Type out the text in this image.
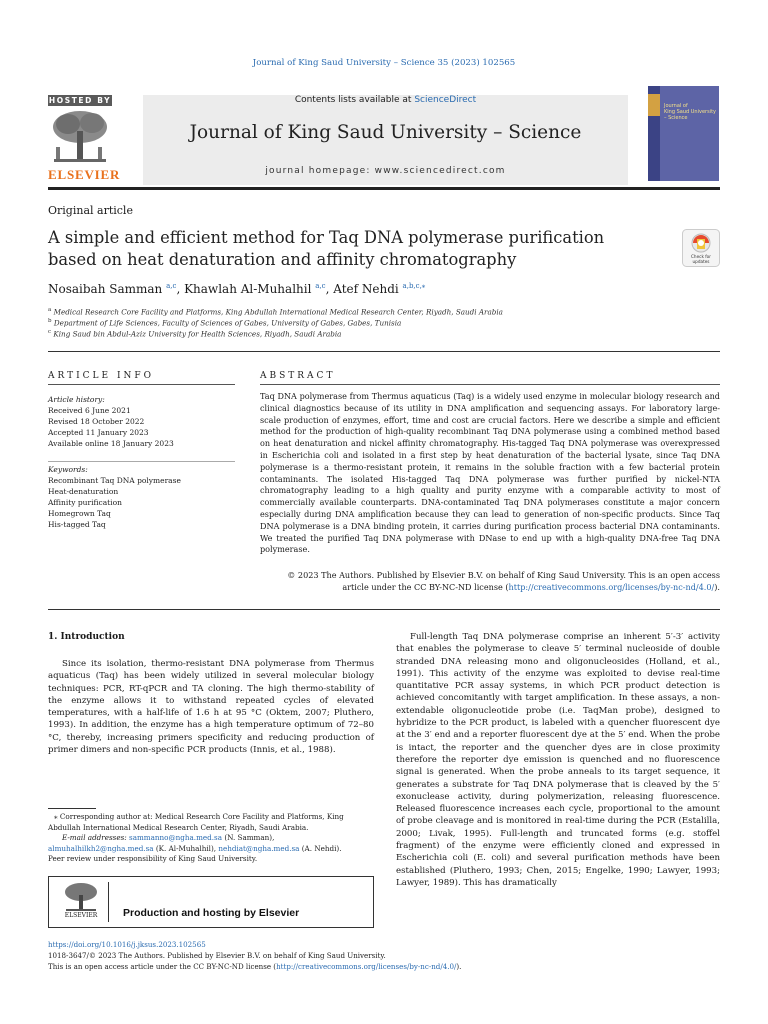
Journal of King Saud University – Science 35 (2023) 102565
HOSTED BY
ELSEVIER
Contents lists available at ScienceDirect
Journal of King Saud University – Science
journal homepage: www.sciencedirect.com
Journal of
King Saud University
– Science
Original article
A simple and efficient method for Taq DNA polymerase purification based on heat denaturation and affinity chromatography	Check for
updates
Nosaibah Samman $^{a,c}$, Khawlah Al-Muhalhil $^{a,c}$, Atef Nehdi $^{a,b,c,⁎}$
$^a$ Medical Research Core Facility and Platforms, King Abdullah International Medical Research Center, Riyadh, Saudi Arabia
$^b$ Department of Life Sciences, Faculty of Sciences of Gabes, University of Gabes, Gabes, Tunisia
$^c$ King Saud bin Abdul-Aziz University for Health Sciences, Riyadh, Saudi Arabia
ARTICLE INFO
Article history:
Received 6 June 2021
Revised 18 October 2022
Accepted 11 January 2023
Available online 18 January 2023
Keywords:
Recombinant Taq DNA polymerase
Heat-denaturation
Affinity purification
Homegrown Taq
His-tagged Taq
ABSTRACT
Taq DNA polymerase from Thermus aquaticus (Taq) is a widely used enzyme in molecular biology research and clinical diagnostics because of its utility in DNA amplification and sequencing assays. For laboratory large-scale production of enzymes, effort, time and cost are crucial factors. Here we describe a simple and efficient method for the production of high-quality recombinant Taq DNA polymerase using a combined method based on heat denaturation and nickel affinity chromatography. His-tagged Taq DNA polymerase was overexpressed in Escherichia coli and isolated in a first step by heat denaturation of the bacterial lysate, since Taq DNA polymerase is a thermo-resistant protein, it remains in the soluble fraction with a few bacterial protein contaminants. The isolated His-tagged Taq DNA polymerase was further purified by nickel-NTA chromatography leading to a high quality and purity enzyme with a comparable activity to most of commercially available counterparts. DNA-contaminated Taq DNA polymerases constitute a major concern especially during DNA amplification because they can lead to generation of non-specific products. Since Taq DNA polymerase is a DNA binding protein, it carries during purification process bacterial DNA contaminants. We treated the purified Taq DNA polymerase with DNase to end up with a high-quality DNA-free Taq DNA polymerase.
© 2023 The Authors. Published by Elsevier B.V. on behalf of King Saud University. This is an open access
article under the CC BY-NC-ND license (http://creativecommons.org/licenses/by-nc-nd/4.0/).
1. Introduction
Since its isolation, thermo-resistant DNA polymerase from Thermus aquaticus (Taq) has been widely utilized in several molecular biology techniques: PCR, RT-qPCR and TA cloning. The high thermo-stability of the enzyme allows it to withstand repeated cycles of elevated temperatures, with a half-life of 1.6 h at 95 °C (Oktem, 2007; Pluthero, 1993). In addition, the enzyme has a high temperature optimum of 72–80 °C, thereby, increasing primers specificity and reducing production of primer dimers and non-specific PCR products (Innis, et al., 1988).
Full-length Taq DNA polymerase comprise an inherent 5′-3′ activity that enables the polymerase to cleave 5′ terminal nucleoside of double stranded DNA releasing mono and oligonucleosides (Holland, et al., 1991). This activity of the enzyme was exploited to devise real-time quantitative PCR assay systems, in which PCR product detection is achieved concomitantly with target amplification. In these assays, a non-extendable oligonucleotide probe (i.e. TaqMan probe), designed to hybridize to the PCR product, is labeled with a quencher fluorescent dye at the 3′ end and a reporter fluorescent dye at the 5′ end. When the probe is intact, the reporter and the quencher dyes are in close proximity therefore the reporter dye emission is quenched and no fluorescence signal is generated. When the probe anneals to its target sequence, it generates a substrate for Taq DNA polymerase that is cleaved by the 5′ exonuclease activity, during polymerization, releasing fluorescence. Released fluorescence increases each cycle, proportional to the amount of probe cleavage and is monitored in real-time during the PCR (Estalilla, 2000; Livak, 1995). Full-length and truncated forms (e.g. stoffel fragment) of the enzyme were efficiently cloned and expressed in Escherichia coli (E. coli) and several purification methods have been established (Pluthero, 1993; Chen, 2015; Engelke, 1990; Lawyer, 1993; Lawyer, 1989). This has dramatically
⁎ Corresponding author at: Medical Research Core Facility and Platforms, King Abdullah International Medical Research Center, Riyadh, Saudi Arabia.
E-mail addresses: sammanno@ngha.med.sa (N. Samman), almuhalhilkh2@ngha.med.sa (K. Al-Muhalhil), nehdiat@ngha.med.sa (A. Nehdi).
Peer review under responsibility of King Saud University.
ELSEVIER	Production and hosting by Elsevier
https://doi.org/10.1016/j.jksus.2023.102565
1018-3647/© 2023 The Authors. Published by Elsevier B.V. on behalf of King Saud University.
This is an open access article under the CC BY-NC-ND license (http://creativecommons.org/licenses/by-nc-nd/4.0/).
